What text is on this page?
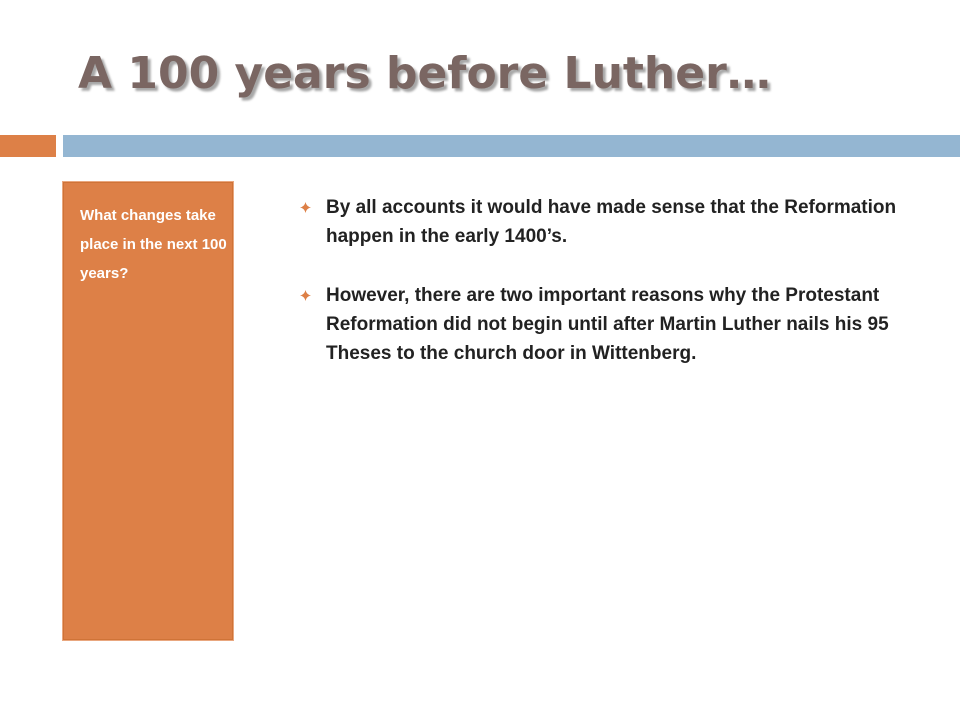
A 100 years before Luther…

What changes take place in the next 100 years?

By all accounts it would have made sense that the Reformation happen in the early 1400’s.
However, there are two important reasons why the Protestant Reformation did not begin until after Martin Luther nails his 95 Theses to the church door in Wittenberg.
